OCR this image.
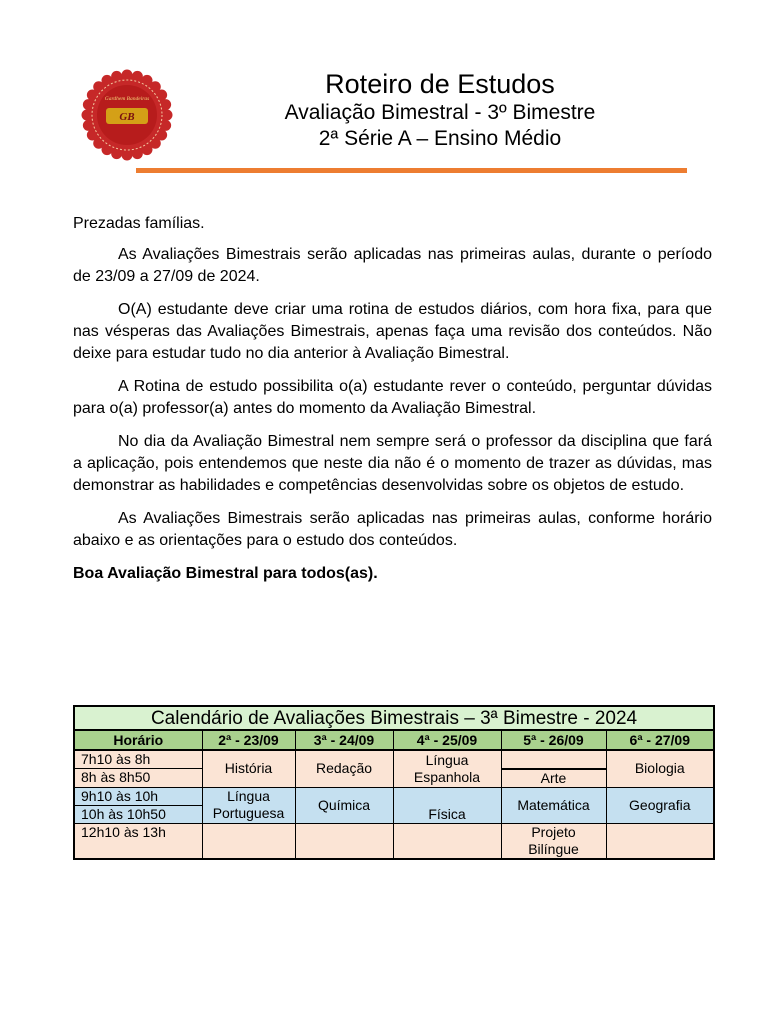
Gardhem Bandeiras
GB
Roteiro de Estudos
Avaliação Bimestral - 3º Bimestre
2ª Série A – Ensino Médio

Prezadas famílias.

As Avaliações Bimestrais serão aplicadas nas primeiras aulas, durante o período de 23/09 a 27/09 de 2024.

O(A) estudante deve criar uma rotina de estudos diários, com hora fixa, para que nas vésperas das Avaliações Bimestrais, apenas faça uma revisão dos conteúdos. Não deixe para estudar tudo no dia anterior à Avaliação Bimestral.

A Rotina de estudo possibilita o(a) estudante rever o conteúdo, perguntar dúvidas para o(a) professor(a) antes do momento da Avaliação Bimestral.

No dia da Avaliação Bimestral nem sempre será o professor da disciplina que fará a aplicação, pois entendemos que neste dia não é o momento de trazer as dúvidas, mas demonstrar as habilidades e competências desenvolvidas sobre os objetos de estudo.

As Avaliações Bimestrais serão aplicadas nas primeiras aulas, conforme horário abaixo e as orientações para o estudo dos conteúdos.

Boa Avaliação Bimestral para todos(as).

Calendário de Avaliações Bimestrais – 3ª Bimestre - 2024					
Horário	2ª - 23/09	3ª - 24/09	4ª - 25/09	5ª - 26/09	6ª - 27/09
7h10 às 8h	História	Redação	Língua Espanhola		Biologia
8h às 8h50				Arte	
9h10 às 10h	Língua Portuguesa	Química	Física	Matemática	Geografia
10h às 10h50					
12h10 às 13h				Projeto Bilíngue	
